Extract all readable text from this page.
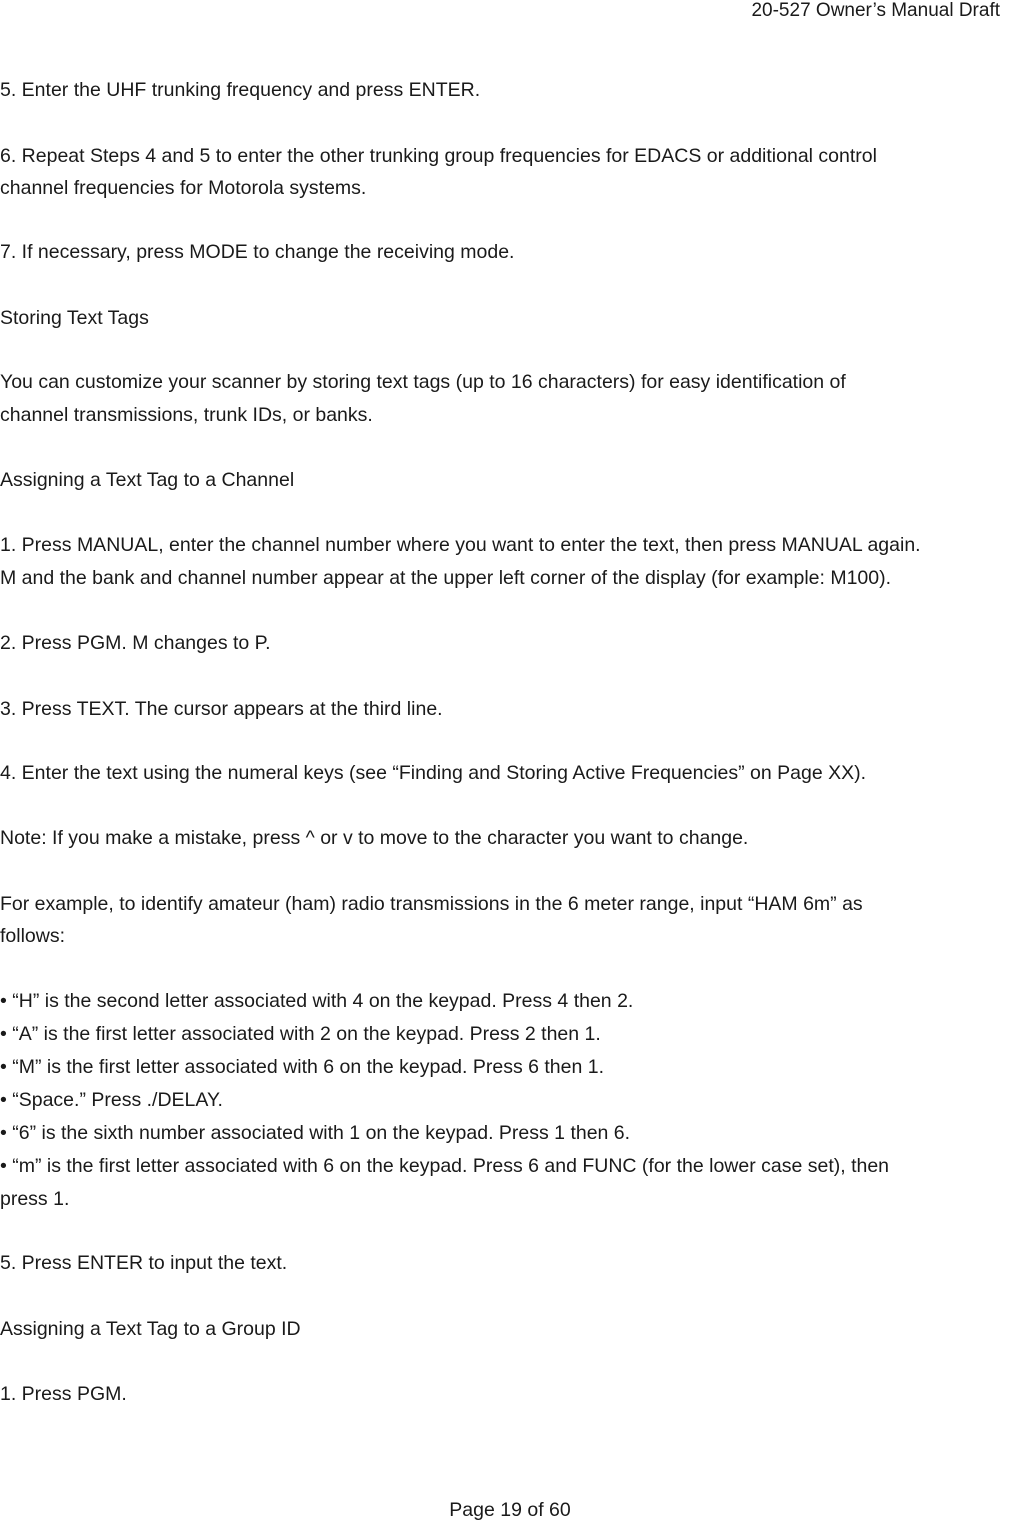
20-527 Owner’s Manual Draft
5. Enter the UHF trunking frequency and press ENTER.
6. Repeat Steps 4 and 5 to enter the other trunking group frequencies for EDACS or additional control
channel frequencies for Motorola systems.
7. If necessary, press MODE to change the receiving mode.
Storing Text Tags
You can customize your scanner by storing text tags (up to 16 characters) for easy identification of
channel transmissions, trunk IDs, or banks.
Assigning a Text Tag to a Channel
1. Press MANUAL, enter the channel number where you want to enter the text, then press MANUAL again.
M and the bank and channel number appear at the upper left corner of the display (for example: M100).
2. Press PGM. M changes to P.
3. Press TEXT. The cursor appears at the third line.
4. Enter the text using the numeral keys (see “Finding and Storing Active Frequencies” on Page XX).
Note: If you make a mistake, press ^ or v to move to the character you want to change.
For example, to identify amateur (ham) radio transmissions in the 6 meter range, input “HAM 6m” as
follows:
• “H” is the second letter associated with 4 on the keypad. Press 4 then 2.
• “A” is the first letter associated with 2 on the keypad. Press 2 then 1.
• “M” is the first letter associated with 6 on the keypad. Press 6 then 1.
• “Space.” Press ./DELAY.
• “6” is the sixth number associated with 1 on the keypad. Press 1 then 6.
• “m” is the first letter associated with 6 on the keypad. Press 6 and FUNC (for the lower case set), then
press 1.
5. Press ENTER to input the text.
Assigning a Text Tag to a Group ID
1. Press PGM.
Page 19 of 60
